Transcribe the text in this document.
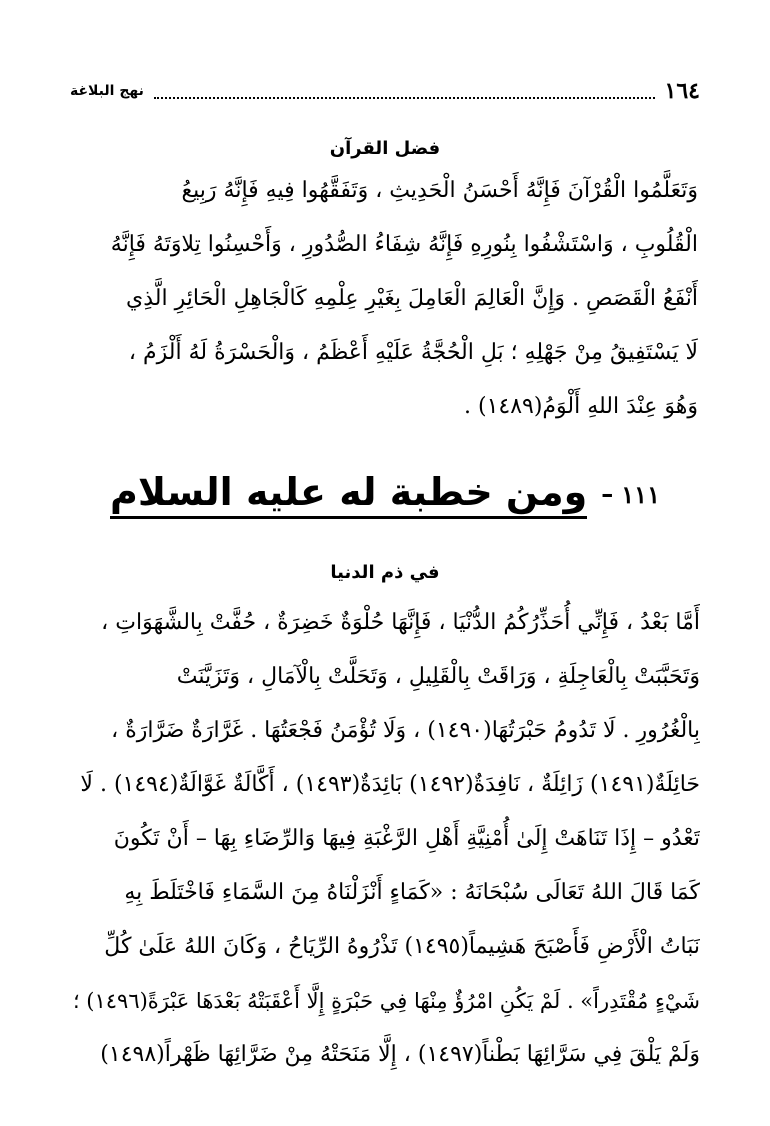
١٦٤
نهج البلاغة
فضل القرآن
وَتَعَلَّمُوا الْقُرْآنَ فَإِنَّهُ أَحْسَنُ الْحَدِيثِ ، وَتَفَقَّهُوا فِيهِ فَإِنَّهُ رَبِيعُ
الْقُلُوبِ ، وَاسْتَشْفُوا بِنُورِهِ فَإِنَّهُ شِفَاءُ الصُّدُورِ ، وَأَحْسِنُوا تِلاوَتَهُ فَإِنَّهُ
أَنْفَعُ الْقَصَصِ . وَإِنَّ الْعَالِمَ الْعَامِلَ بِغَيْرِ عِلْمِهِ كَالْجَاهِلِ الْحَائِرِ الَّذِي
لَا يَسْتَفِيقُ مِنْ جَهْلِهِ ؛ بَلِ الْحُجَّةُ عَلَيْهِ أَعْظَمُ ، وَالْحَسْرَةُ لَهُ أَلْزَمُ ،
وَهُوَ عِنْدَ اللهِ أَلْوَمُ(١٤٨٩) .
١١١
–
ومن خطبة له عليه السلام
في ذم الدنيا
أَمَّا بَعْدُ ، فَإِنِّي أُحَذِّرُكُمُ الدُّنْيَا ، فَإِنَّهَا حُلْوَةٌ خَضِرَةٌ ، حُفَّتْ بِالشَّهَوَاتِ ،
وَتَحَبَّبَتْ بِالْعَاجِلَةِ ، وَرَاقَتْ بِالْقَلِيلِ ، وَتَحَلَّتْ بِالْآمَالِ ، وَتَزَيَّنَتْ
بِالْغُرُورِ . لَا تَدُومُ حَبْرَتُهَا(١٤٩٠) ، وَلَا تُؤْمَنُ فَجْعَتُهَا . غَرَّارَةٌ ضَرَّارَةٌ ،
حَائِلَةٌ(١٤٩١) زَائِلَةٌ ، نَافِدَةٌ(١٤٩٢) بَائِدَةٌ(١٤٩٣) ، أَكَّالَةٌ غَوَّالَةٌ(١٤٩٤) . لَا
تَعْدُو – إِذَا تَنَاهَتْ إِلَىٰ أُمْنِيَّةِ أَهْلِ الرَّغْبَةِ فِيهَا وَالرِّضَاءِ بِهَا – أَنْ تَكُونَ
كَمَا قَالَ اللهُ تَعَالَى سُبْحَانَهُ : «كَمَاءٍ أَنْزَلْنَاهُ مِنَ السَّمَاءِ فَاخْتَلَطَ بِهِ
نَبَاتُ الْأَرْضِ فَأَصْبَحَ هَشِيماً(١٤٩٥) تَذْرُوهُ الرِّيَاحُ ، وَكَانَ اللهُ عَلَىٰ كُلِّ
شَيْءٍ مُقْتَدِراً» . لَمْ يَكُنِ امْرُؤٌ مِنْهَا فِي حَبْرَةٍ إِلَّا أَعْقَبَتْهُ بَعْدَهَا عَبْرَةً(١٤٩٦) ؛
وَلَمْ يَلْقَ فِي سَرَّائِهَا بَطْناً(١٤٩٧) ، إِلَّا مَنَحَتْهُ مِنْ ضَرَّائِهَا ظَهْراً(١٤٩٨)
